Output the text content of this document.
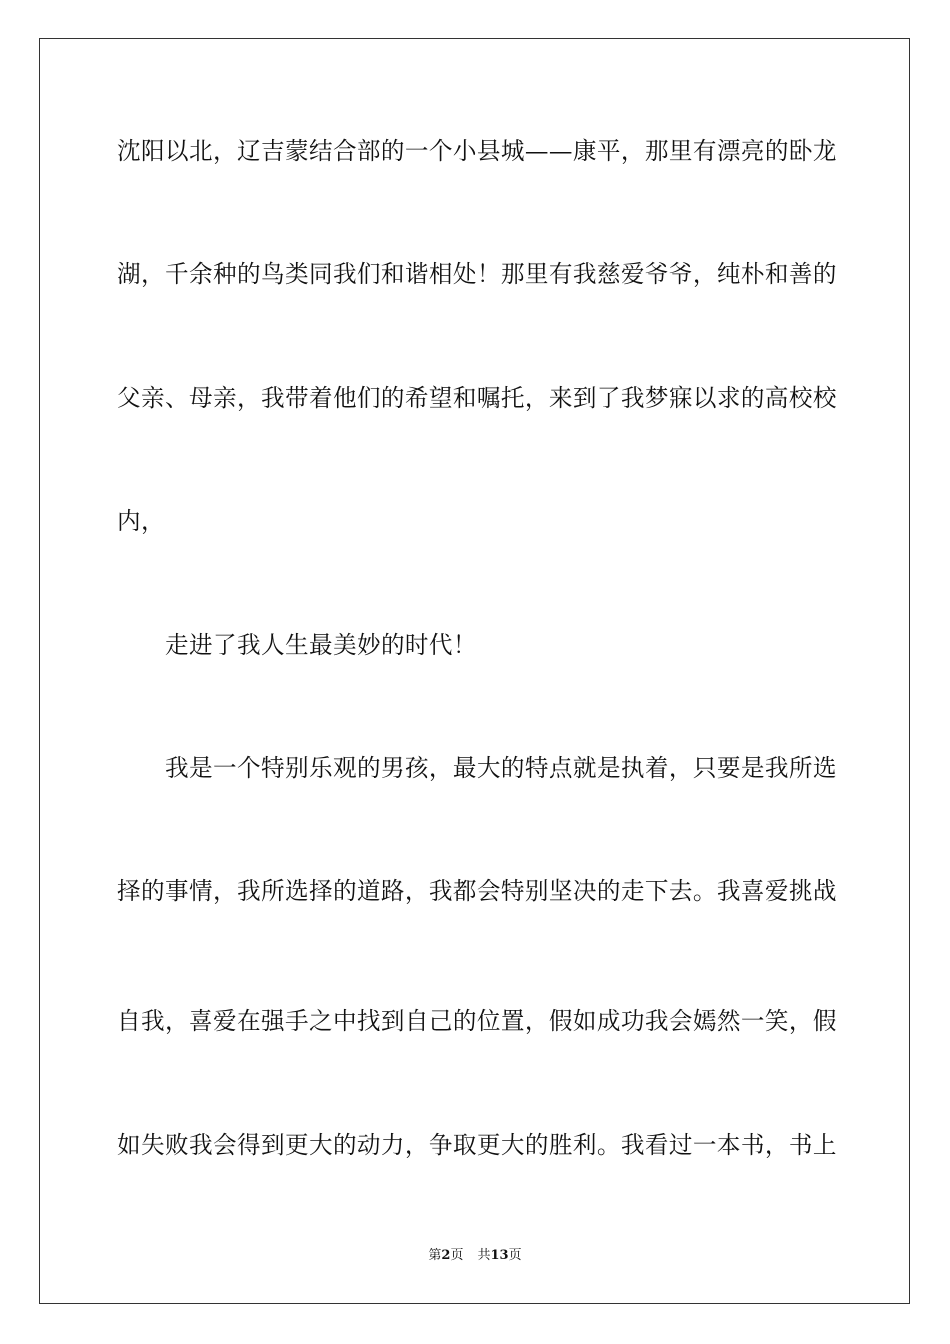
沈阳以北，辽吉蒙结合部的一个小县城——康平，那里有漂亮的卧龙
湖，千余种的鸟类同我们和谐相处！那里有我慈爱爷爷，纯朴和善的
父亲、母亲，我带着他们的希望和嘱托，来到了我梦寐以求的高校校
内，
走进了我人生最美妙的时代！
我是一个特别乐观的男孩，最大的特点就是执着，只要是我所选
择的事情，我所选择的道路，我都会特别坚决的走下去。我喜爱挑战
自我，喜爱在强手之中找到自己的位置，假如成功我会嫣然一笑，假
如失败我会得到更大的动力，争取更大的胜利。我看过一本书，书上
第2页 共13页
